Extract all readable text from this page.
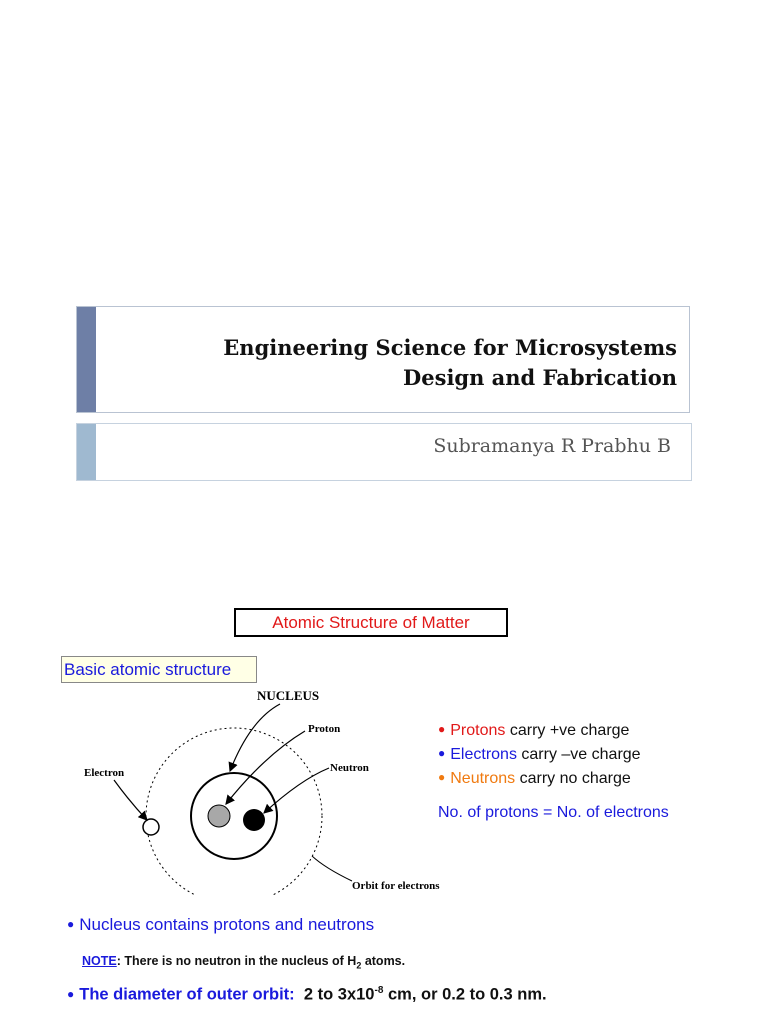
Engineering Science for Microsystems
Design and Fabrication
Subramanya R Prabhu B
Atomic Structure of Matter
Basic atomic structure
NUCLEUS
Proton
Neutron
Electron
Orbit for electrons
● Protons carry +ve charge
● Electrons carry –ve charge
● Neutrons carry no charge
No. of protons = No. of electrons
● Nucleus contains protons and neutrons
NOTE: There is no neutron in the nucleus of $H_2$ atoms.
● The diameter of outer orbit: 2 to $3x10^{-8}$ cm, or 0.2 to 0.3 nm.
